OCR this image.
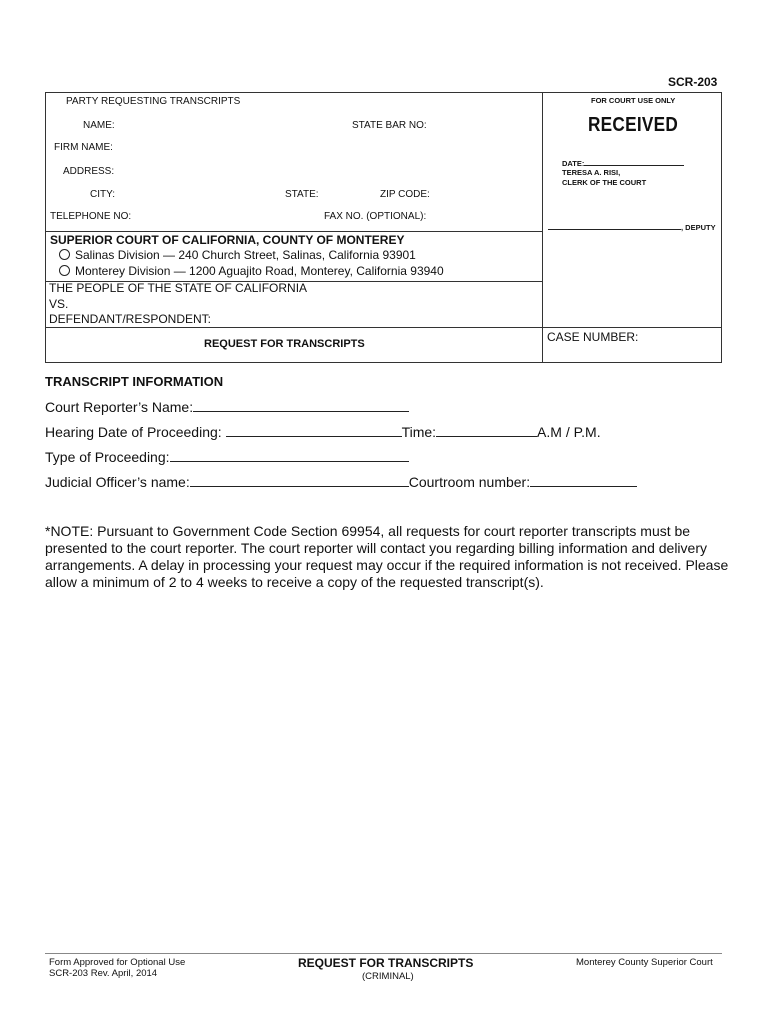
SCR-203
PARTY REQUESTING TRANSCRIPTS
NAME:	STATE BAR NO:
FIRM NAME:
ADDRESS:
CITY:	STATE:	ZIP CODE:
TELEPHONE NO:	FAX NO. (OPTIONAL):
FOR COURT USE ONLY
RECEIVED
DATE:
TERESA A. RISI,
CLERK OF THE COURT
, DEPUTY
SUPERIOR COURT OF CALIFORNIA, COUNTY OF MONTEREY
Salinas Division — 240 Church Street, Salinas, California 93901
Monterey Division — 1200 Aguajito Road, Monterey, California 93940
THE PEOPLE OF THE STATE OF CALIFORNIA
VS.
DEFENDANT/RESPONDENT:
REQUEST FOR TRANSCRIPTS	CASE NUMBER:
TRANSCRIPT INFORMATION
Court Reporter’s Name:
Hearing Date of Proceeding:	Time:	A.M / P.M.
Type of Proceeding:
Judicial Officer’s name:	Courtroom number:
*NOTE: Pursuant to Government Code Section 69954, all requests for court reporter transcripts must be
presented to the court reporter. The court reporter will contact you regarding billing information and delivery
arrangements. A delay in processing your request may occur if the required information is not received. Please
allow a minimum of 2 to 4 weeks to receive a copy of the requested transcript(s).
Form Approved for Optional Use
SCR-203 Rev. April, 2014
REQUEST FOR TRANSCRIPTS
(CRIMINAL)
Monterey County Superior Court
